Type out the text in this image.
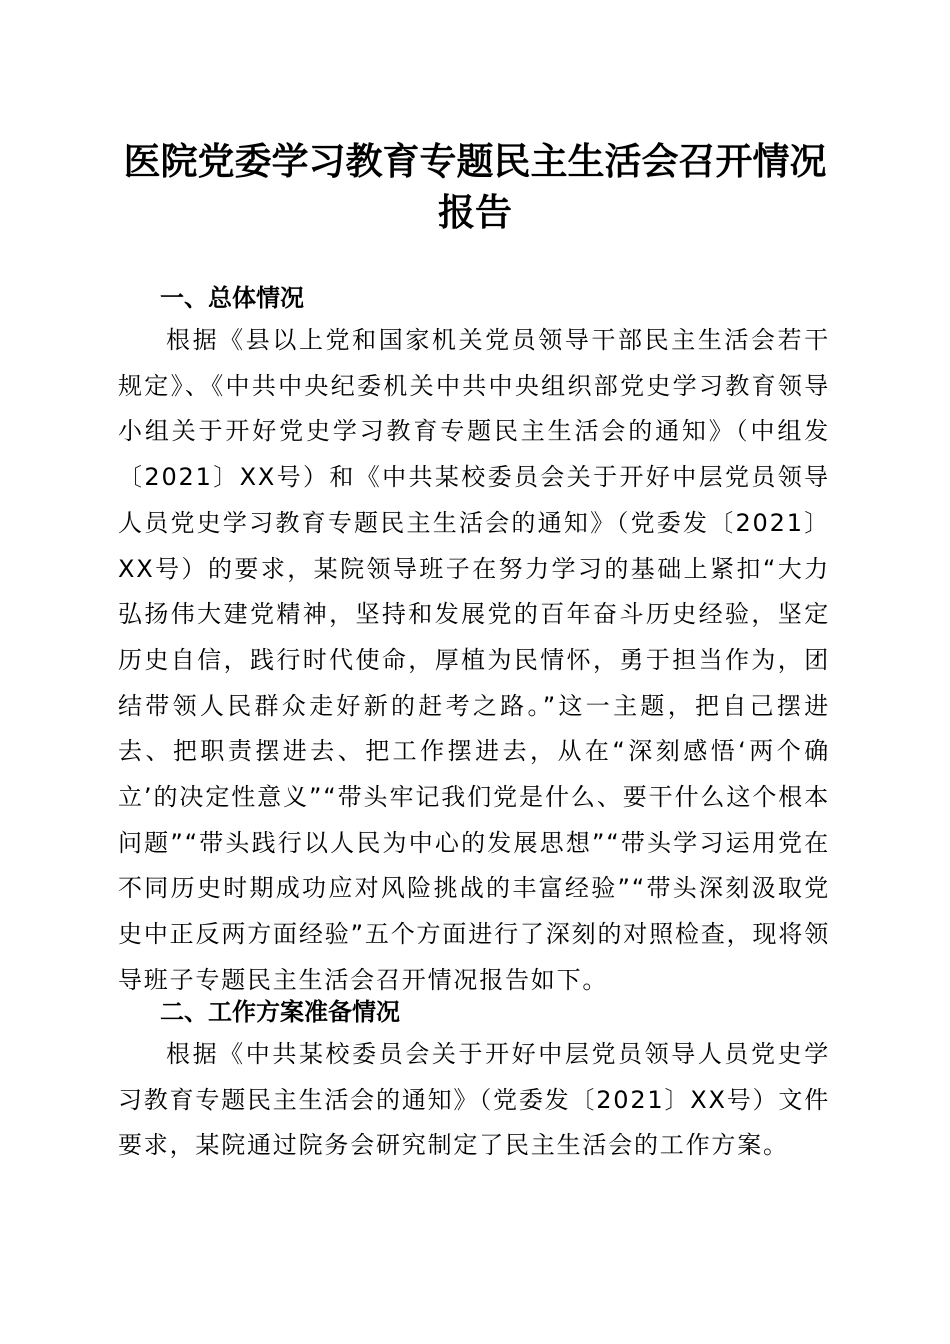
医院党委学习教育专题民主生活会召开情况报告
一、总体情况

根据《县以上党和国家机关党员领导干部民主生活会若干规定》、《中共中央纪委机关中共中央组织部党史学习教育领导小组关于开好党史学习教育专题民主生活会的通知》（中组发〔2021〕XX号）和《中共某校委员会关于开好中层党员领导人员党史学习教育专题民主生活会的通知》（党委发〔2021〕XX号）的要求，某院领导班子在努力学习的基础上紧扣“大力弘扬伟大建党精神，坚持和发展党的百年奋斗历史经验，坚定历史自信，践行时代使命，厚植为民情怀，勇于担当作为，团结带领人民群众走好新的赶考之路。”这一主题，把自己摆进去、把职责摆进去、把工作摆进去，从在“深刻感悟‘两个确立’的决定性意义”“带头牢记我们党是什么、要干什么这个根本问题”“带头践行以人民为中心的发展思想”“带头学习运用党在不同历史时期成功应对风险挑战的丰富经验”“带头深刻汲取党史中正反两方面经验”五个方面进行了深刻的对照检查，现将领导班子专题民主生活会召开情况报告如下。

二、工作方案准备情况

根据《中共某校委员会关于开好中层党员领导人员党史学习教育专题民主生活会的通知》（党委发〔2021〕XX号）文件要求，某院通过院务会研究制定了民主生活会的工作方案。
